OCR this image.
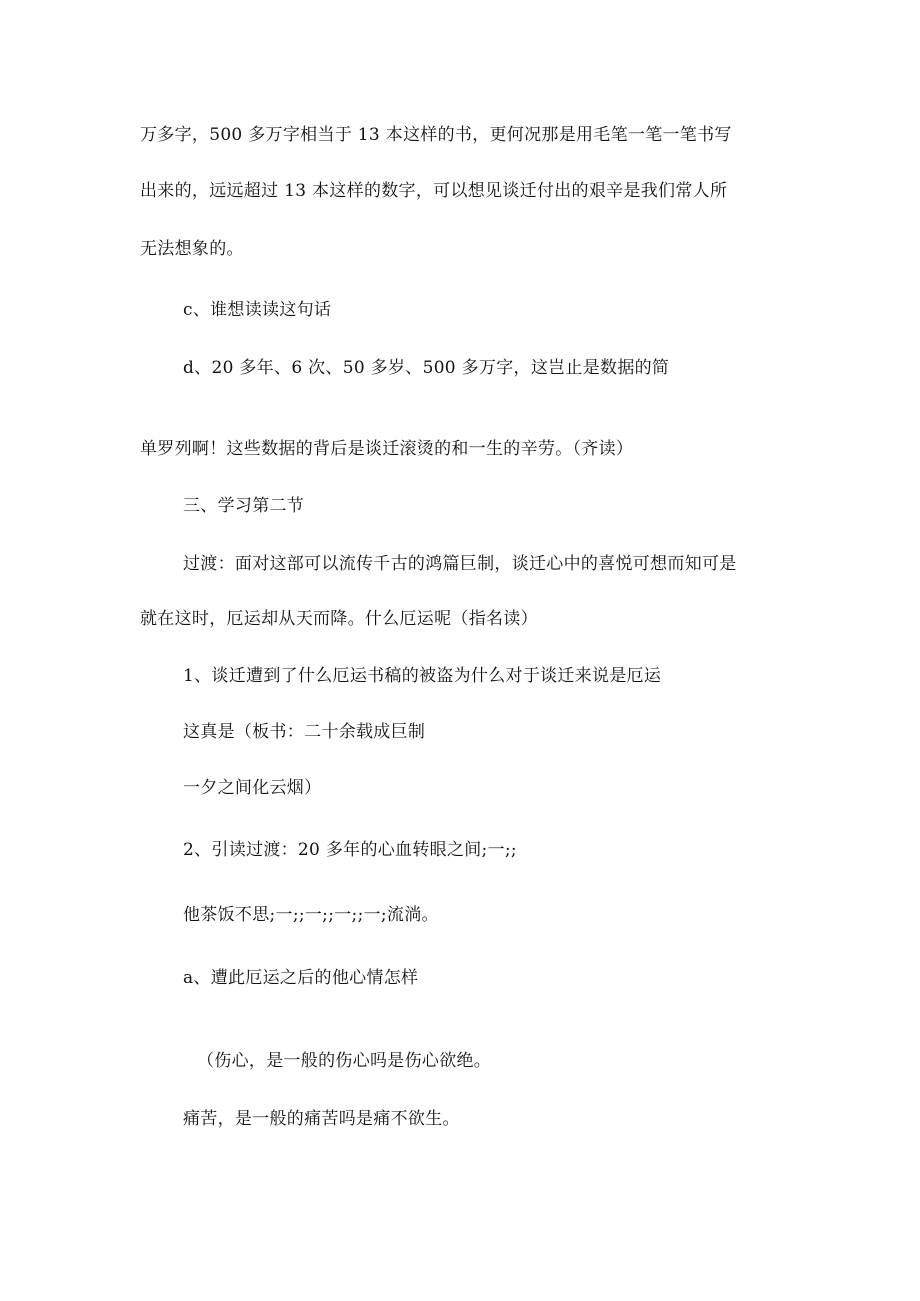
万多字，500 多万字相当于 13 本这样的书，更何况那是用毛笔一笔一笔书写
出来的，远远超过 13 本这样的数字，可以想见谈迁付出的艰辛是我们常人所
无法想象的。
c、谁想读读这句话
d、20 多年、6 次、50 多岁、500 多万字，这岂止是数据的简
单罗列啊！这些数据的背后是谈迁滚烫的和一生的辛劳。（齐读）
三、学习第二节
过渡：面对这部可以流传千古的鸿篇巨制，谈迁心中的喜悦可想而知可是
就在这时，厄运却从天而降。什么厄运呢（指名读）
1、谈迁遭到了什么厄运书稿的被盗为什么对于谈迁来说是厄运
这真是（板书：二十余载成巨制
一夕之间化云烟）
2、引读过渡：20 多年的心血转眼之间;一;;
他茶饭不思;一;;一;;一;;一;流淌。
a、遭此厄运之后的他心情怎样
（伤心，是一般的伤心吗是伤心欲绝。
痛苦，是一般的痛苦吗是痛不欲生。
